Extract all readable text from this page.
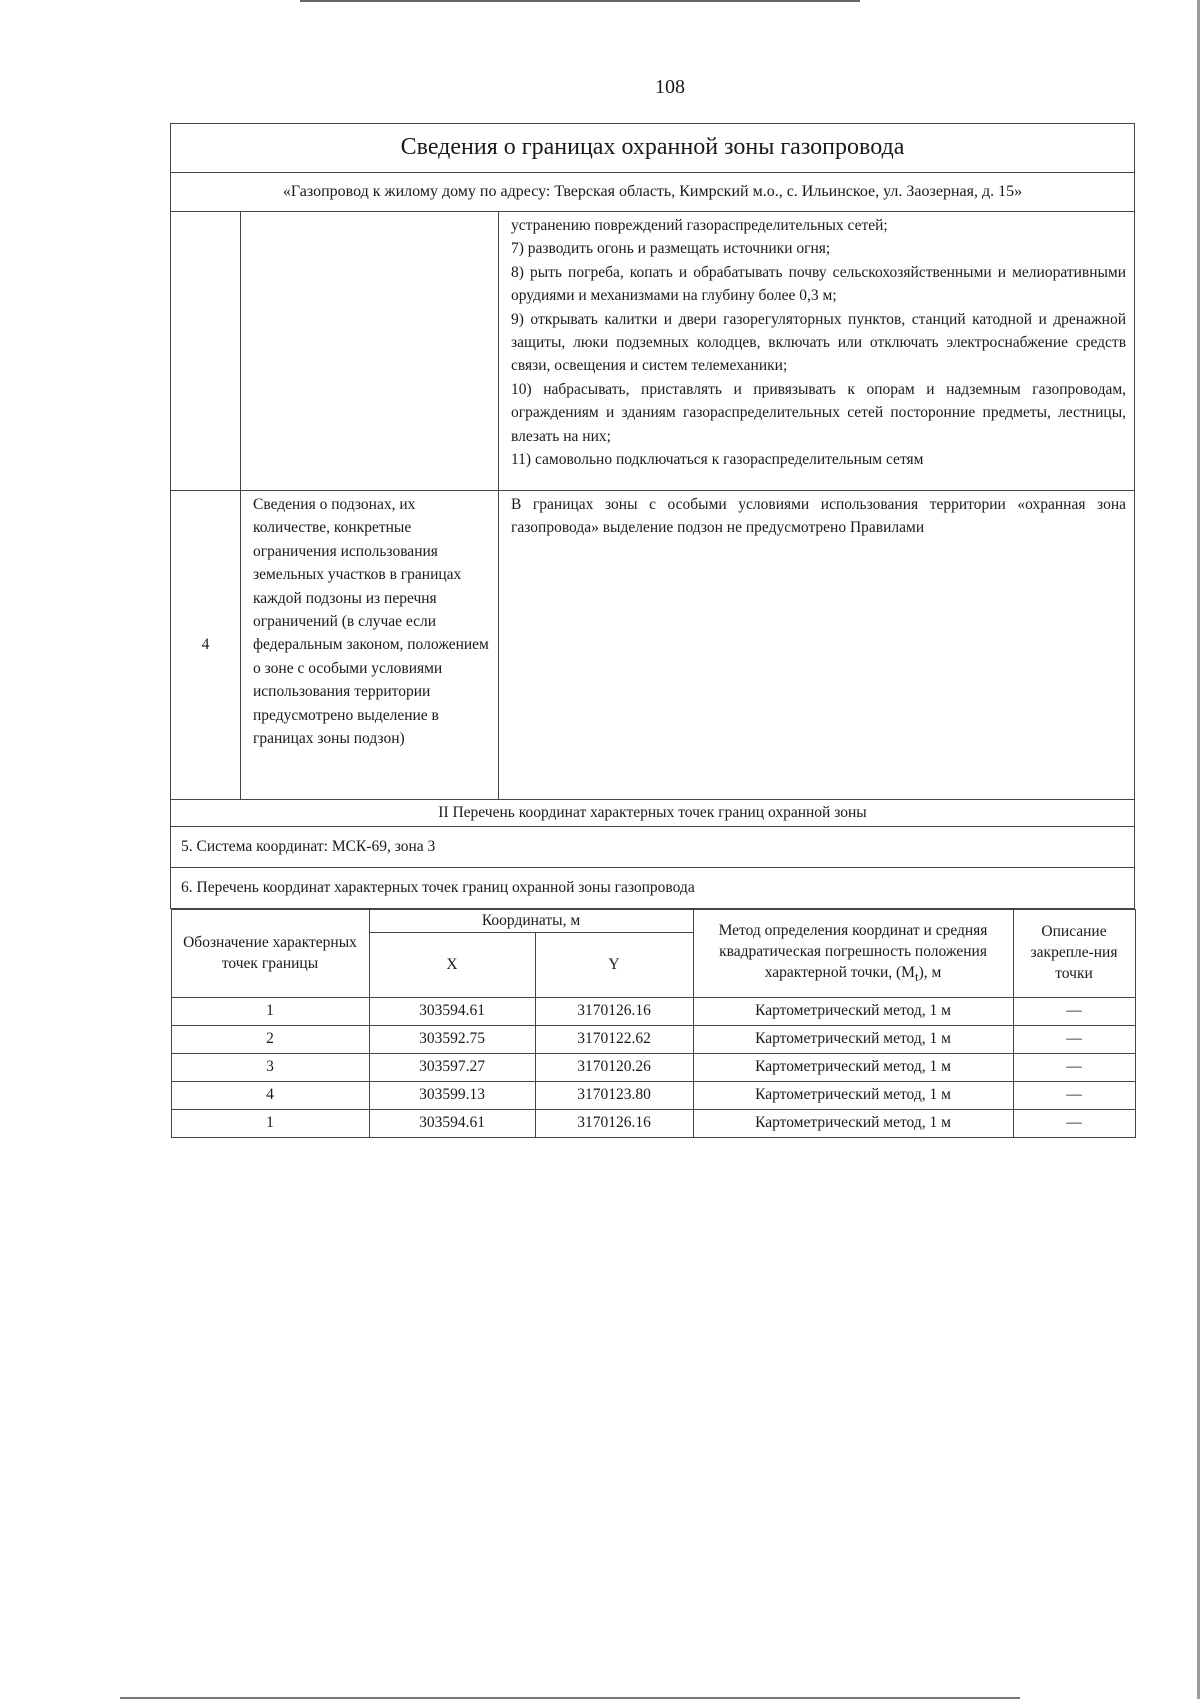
108
Сведения о границах охранной зоны газопровода
«Газопровод к жилому дому по адресу: Тверская область, Кимрский м.о., с. Ильинское, ул. Заозерная, д. 15»

устранению повреждений газораспределительных сетей;
7) разводить огонь и размещать источники огня;
8) рыть погреба, копать и обрабатывать почву сельскохозяйственными и мелиоративными орудиями и механизмами на глубину более 0,3 м;
9) открывать калитки и двери газорегуляторных пунктов, станций катодной и дренажной защиты, люки подземных колодцев, включать или отключать электроснабжение средств связи, освещения и систем телемеханики;
10) набрасывать, приставлять и привязывать к опорам и надземным газопроводам, ограждениям и зданиям газораспределительных сетей посторонние предметы, лестницы, влезать на них;
11) самовольно подключаться к газораспределительным сетям

4	Сведения о подзонах, их количестве, конкретные ограничения использования земельных участков в границах каждой подзоны из перечня ограничений (в случае если федеральным законом, положением о зоне с особыми условиями использования территории предусмотрено выделение в границах зоны подзон)	В границах зоны с особыми условиями использования территории «охранная зона газопровода» выделение подзон не предусмотрено Правилами
II Перечень координат характерных точек границ охранной зоны
5. Система координат: МСК-69, зона 3
6. Перечень координат характерных точек границ охранной зоны газопровода

Обозначение характерных точек границы	Координаты, м	Метод определения координат и средняя квадратическая погрешность положения характерной точки, $(M_t)$, м	Описание закрепле-ния точки
X	Y
1	303594.61	3170126.16	Картометрический метод, 1 м	—
2	303592.75	3170122.62	Картометрический метод, 1 м	—
3	303597.27	3170120.26	Картометрический метод, 1 м	—
4	303599.13	3170123.80	Картометрический метод, 1 м	—
1	303594.61	3170126.16	Картометрический метод, 1 м	—
